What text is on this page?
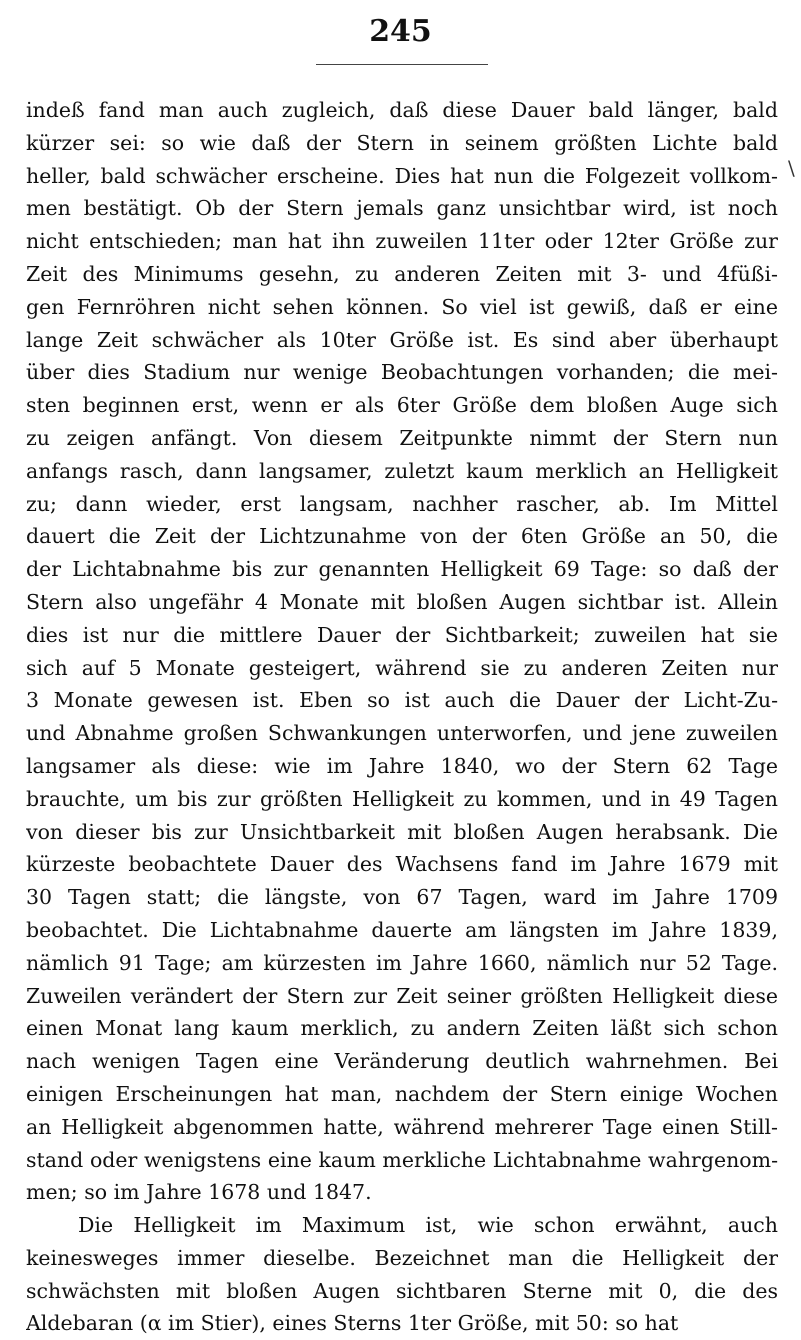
245
\
indeß fand man auch zugleich, daß diese Dauer bald länger, bald
kürzer sei: so wie daß der Stern in seinem größten Lichte bald
heller, bald schwächer erscheine. Dies hat nun die Folgezeit vollkom-
men bestätigt. Ob der Stern jemals ganz unsichtbar wird, ist noch
nicht entschieden; man hat ihn zuweilen 11ter oder 12ter Größe zur
Zeit des Minimums gesehn, zu anderen Zeiten mit 3- und 4füßi-
gen Fernröhren nicht sehen können. So viel ist gewiß, daß er eine
lange Zeit schwächer als 10ter Größe ist. Es sind aber überhaupt
über dies Stadium nur wenige Beobachtungen vorhanden; die mei-
sten beginnen erst, wenn er als 6ter Größe dem bloßen Auge sich
zu zeigen anfängt. Von diesem Zeitpunkte nimmt der Stern nun
anfangs rasch, dann langsamer, zuletzt kaum merklich an Helligkeit
zu; dann wieder, erst langsam, nachher rascher, ab. Im Mittel
dauert die Zeit der Lichtzunahme von der 6ten Größe an 50, die
der Lichtabnahme bis zur genannten Helligkeit 69 Tage: so daß der
Stern also ungefähr 4 Monate mit bloßen Augen sichtbar ist. Allein
dies ist nur die mittlere Dauer der Sichtbarkeit; zuweilen hat sie
sich auf 5 Monate gesteigert, während sie zu anderen Zeiten nur
3 Monate gewesen ist. Eben so ist auch die Dauer der Licht-Zu-
und Abnahme großen Schwankungen unterworfen, und jene zuweilen
langsamer als diese: wie im Jahre 1840, wo der Stern 62 Tage
brauchte, um bis zur größten Helligkeit zu kommen, und in 49 Tagen
von dieser bis zur Unsichtbarkeit mit bloßen Augen herabsank. Die
kürzeste beobachtete Dauer des Wachsens fand im Jahre 1679 mit
30 Tagen statt; die längste, von 67 Tagen, ward im Jahre 1709
beobachtet. Die Lichtabnahme dauerte am längsten im Jahre 1839,
nämlich 91 Tage; am kürzesten im Jahre 1660, nämlich nur 52 Tage.
Zuweilen verändert der Stern zur Zeit seiner größten Helligkeit diese
einen Monat lang kaum merklich, zu andern Zeiten läßt sich schon
nach wenigen Tagen eine Veränderung deutlich wahrnehmen. Bei
einigen Erscheinungen hat man, nachdem der Stern einige Wochen
an Helligkeit abgenommen hatte, während mehrerer Tage einen Still-
stand oder wenigstens eine kaum merkliche Lichtabnahme wahrgenom-
men; so im Jahre 1678 und 1847.
Die Helligkeit im Maximum ist, wie schon erwähnt, auch
keinesweges immer dieselbe. Bezeichnet man die Helligkeit der
schwächsten mit bloßen Augen sichtbaren Sterne mit 0, die des
Aldebaran (α im Stier), eines Sterns 1ter Größe, mit 50: so hat
